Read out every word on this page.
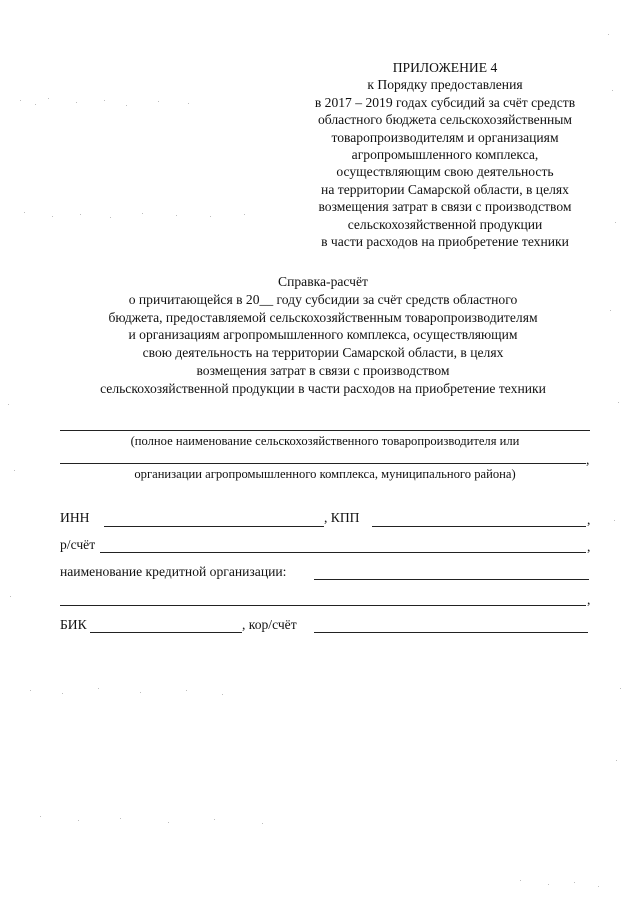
ПРИЛОЖЕНИЕ 4
к Порядку предоставления
в 2017 – 2019 годах субсидий за счёт средств
областного бюджета сельскохозяйственным
товаропроизводителям и организациям
агропромышленного комплекса,
осуществляющим свою деятельность
на территории Самарской области, в целях
возмещения затрат в связи с производством
сельскохозяйственной продукции
в части расходов на приобретение техники
Справка-расчёт
о причитающейся в 20__ году субсидии за счёт средств областного
бюджета, предоставляемой сельскохозяйственным товаропроизводителям
и организациям агропромышленного комплекса, осуществляющим
свою деятельность на территории Самарской области, в целях
возмещения затрат в связи с производством
сельскохозяйственной продукции в части расходов на приобретение техники
(полное наименование сельскохозяйственного товаропроизводителя или
,
организации агропромышленного комплекса, муниципального района)
ИНН	, КПП	,
р/счёт	,
наименование кредитной организации:
,
БИК	, кор/счёт
